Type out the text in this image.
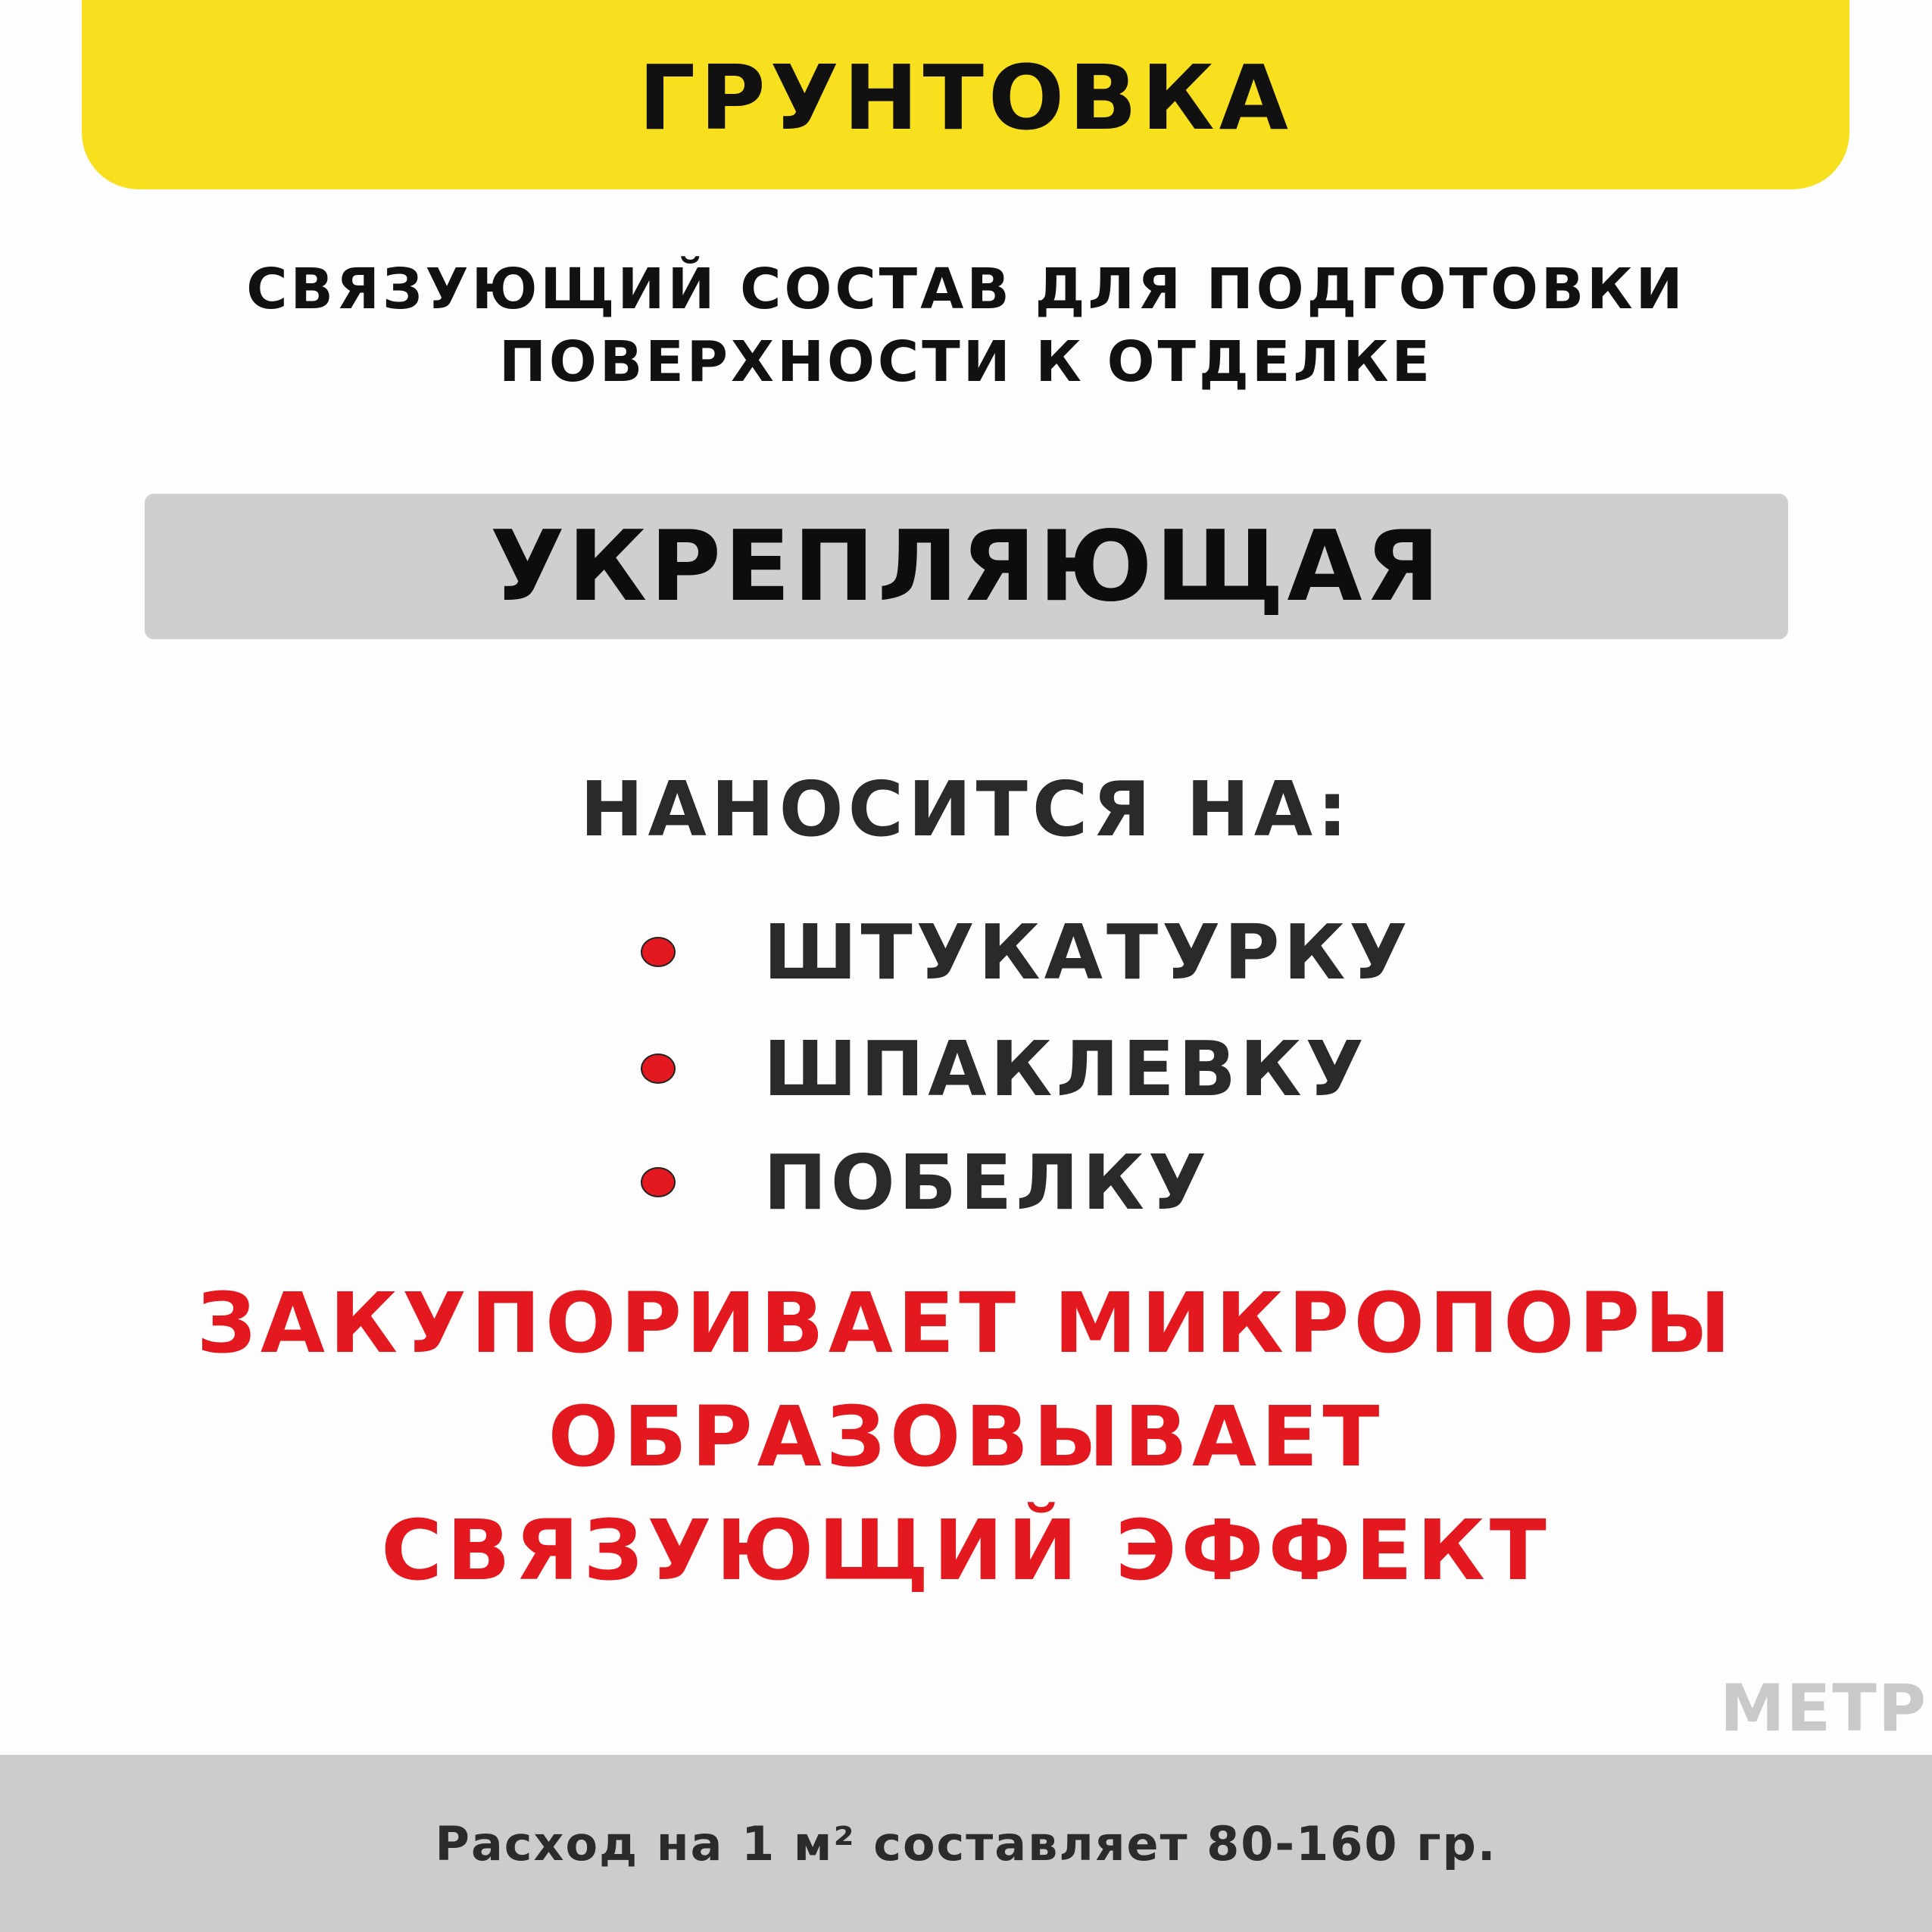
ГРУНТОВКА
СВЯЗУЮЩИЙ СОСТАВ ДЛЯ ПОДГОТОВКИ
ПОВЕРХНОСТИ К ОТДЕЛКЕ
УКРЕПЛЯЮЩАЯ
НАНОСИТСЯ НА:
ШТУКАТУРКУ
ШПАКЛЕВКУ
ПОБЕЛКУ
ЗАКУПОРИВАЕТ МИКРОПОРЫ
ОБРАЗОВЫВАЕТ
СВЯЗУЮЩИЙ ЭФФЕКТ
МЕТР
Расход на 1 м² составляет 80-160 гр.
